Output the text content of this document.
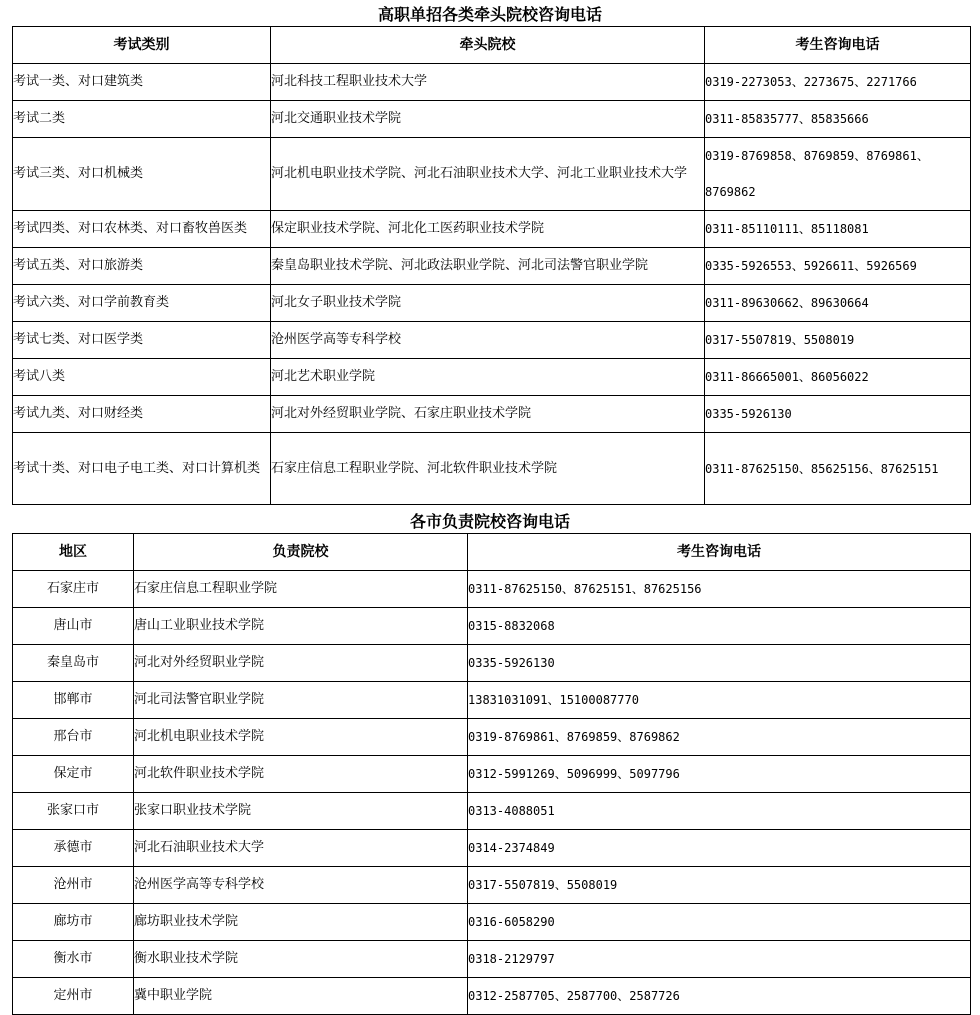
高职单招各类牵头院校咨询电话
考试类别	牵头院校	考生咨询电话
考试一类、对口建筑类	河北科技工程职业技术大学	0319-2273053、2273675、2271766
考试二类	河北交通职业技术学院	0311-85835777、85835666
考试三类、对口机械类	河北机电职业技术学院、河北石油职业技术大学、河北工业职业技术大学	0319-8769858、8769859、8769861、8769862
考试四类、对口农林类、对口畜牧兽医类	保定职业技术学院、河北化工医药职业技术学院	0311-85110111、85118081
考试五类、对口旅游类	秦皇岛职业技术学院、河北政法职业学院、河北司法警官职业学院	0335-5926553、5926611、5926569
考试六类、对口学前教育类	河北女子职业技术学院	0311-89630662、89630664
考试七类、对口医学类	沧州医学高等专科学校	0317-5507819、5508019
考试八类	河北艺术职业学院	0311-86665001、86056022
考试九类、对口财经类	河北对外经贸职业学院、石家庄职业技术学院	0335-5926130
考试十类、对口电子电工类、对口计算机类	石家庄信息工程职业学院、河北软件职业技术学院	0311-87625150、85625156、87625151
各市负责院校咨询电话
地区	负责院校	考生咨询电话
石家庄市	石家庄信息工程职业学院	0311-87625150、87625151、87625156
唐山市	唐山工业职业技术学院	0315-8832068
秦皇岛市	河北对外经贸职业学院	0335-5926130
邯郸市	河北司法警官职业学院	13831031091、15100087770
邢台市	河北机电职业技术学院	0319-8769861、8769859、8769862
保定市	河北软件职业技术学院	0312-5991269、5096999、5097796
张家口市	张家口职业技术学院	0313-4088051
承德市	河北石油职业技术大学	0314-2374849
沧州市	沧州医学高等专科学校	0317-5507819、5508019
廊坊市	廊坊职业技术学院	0316-6058290
衡水市	衡水职业技术学院	0318-2129797
定州市	冀中职业学院	0312-2587705、2587700、2587726
